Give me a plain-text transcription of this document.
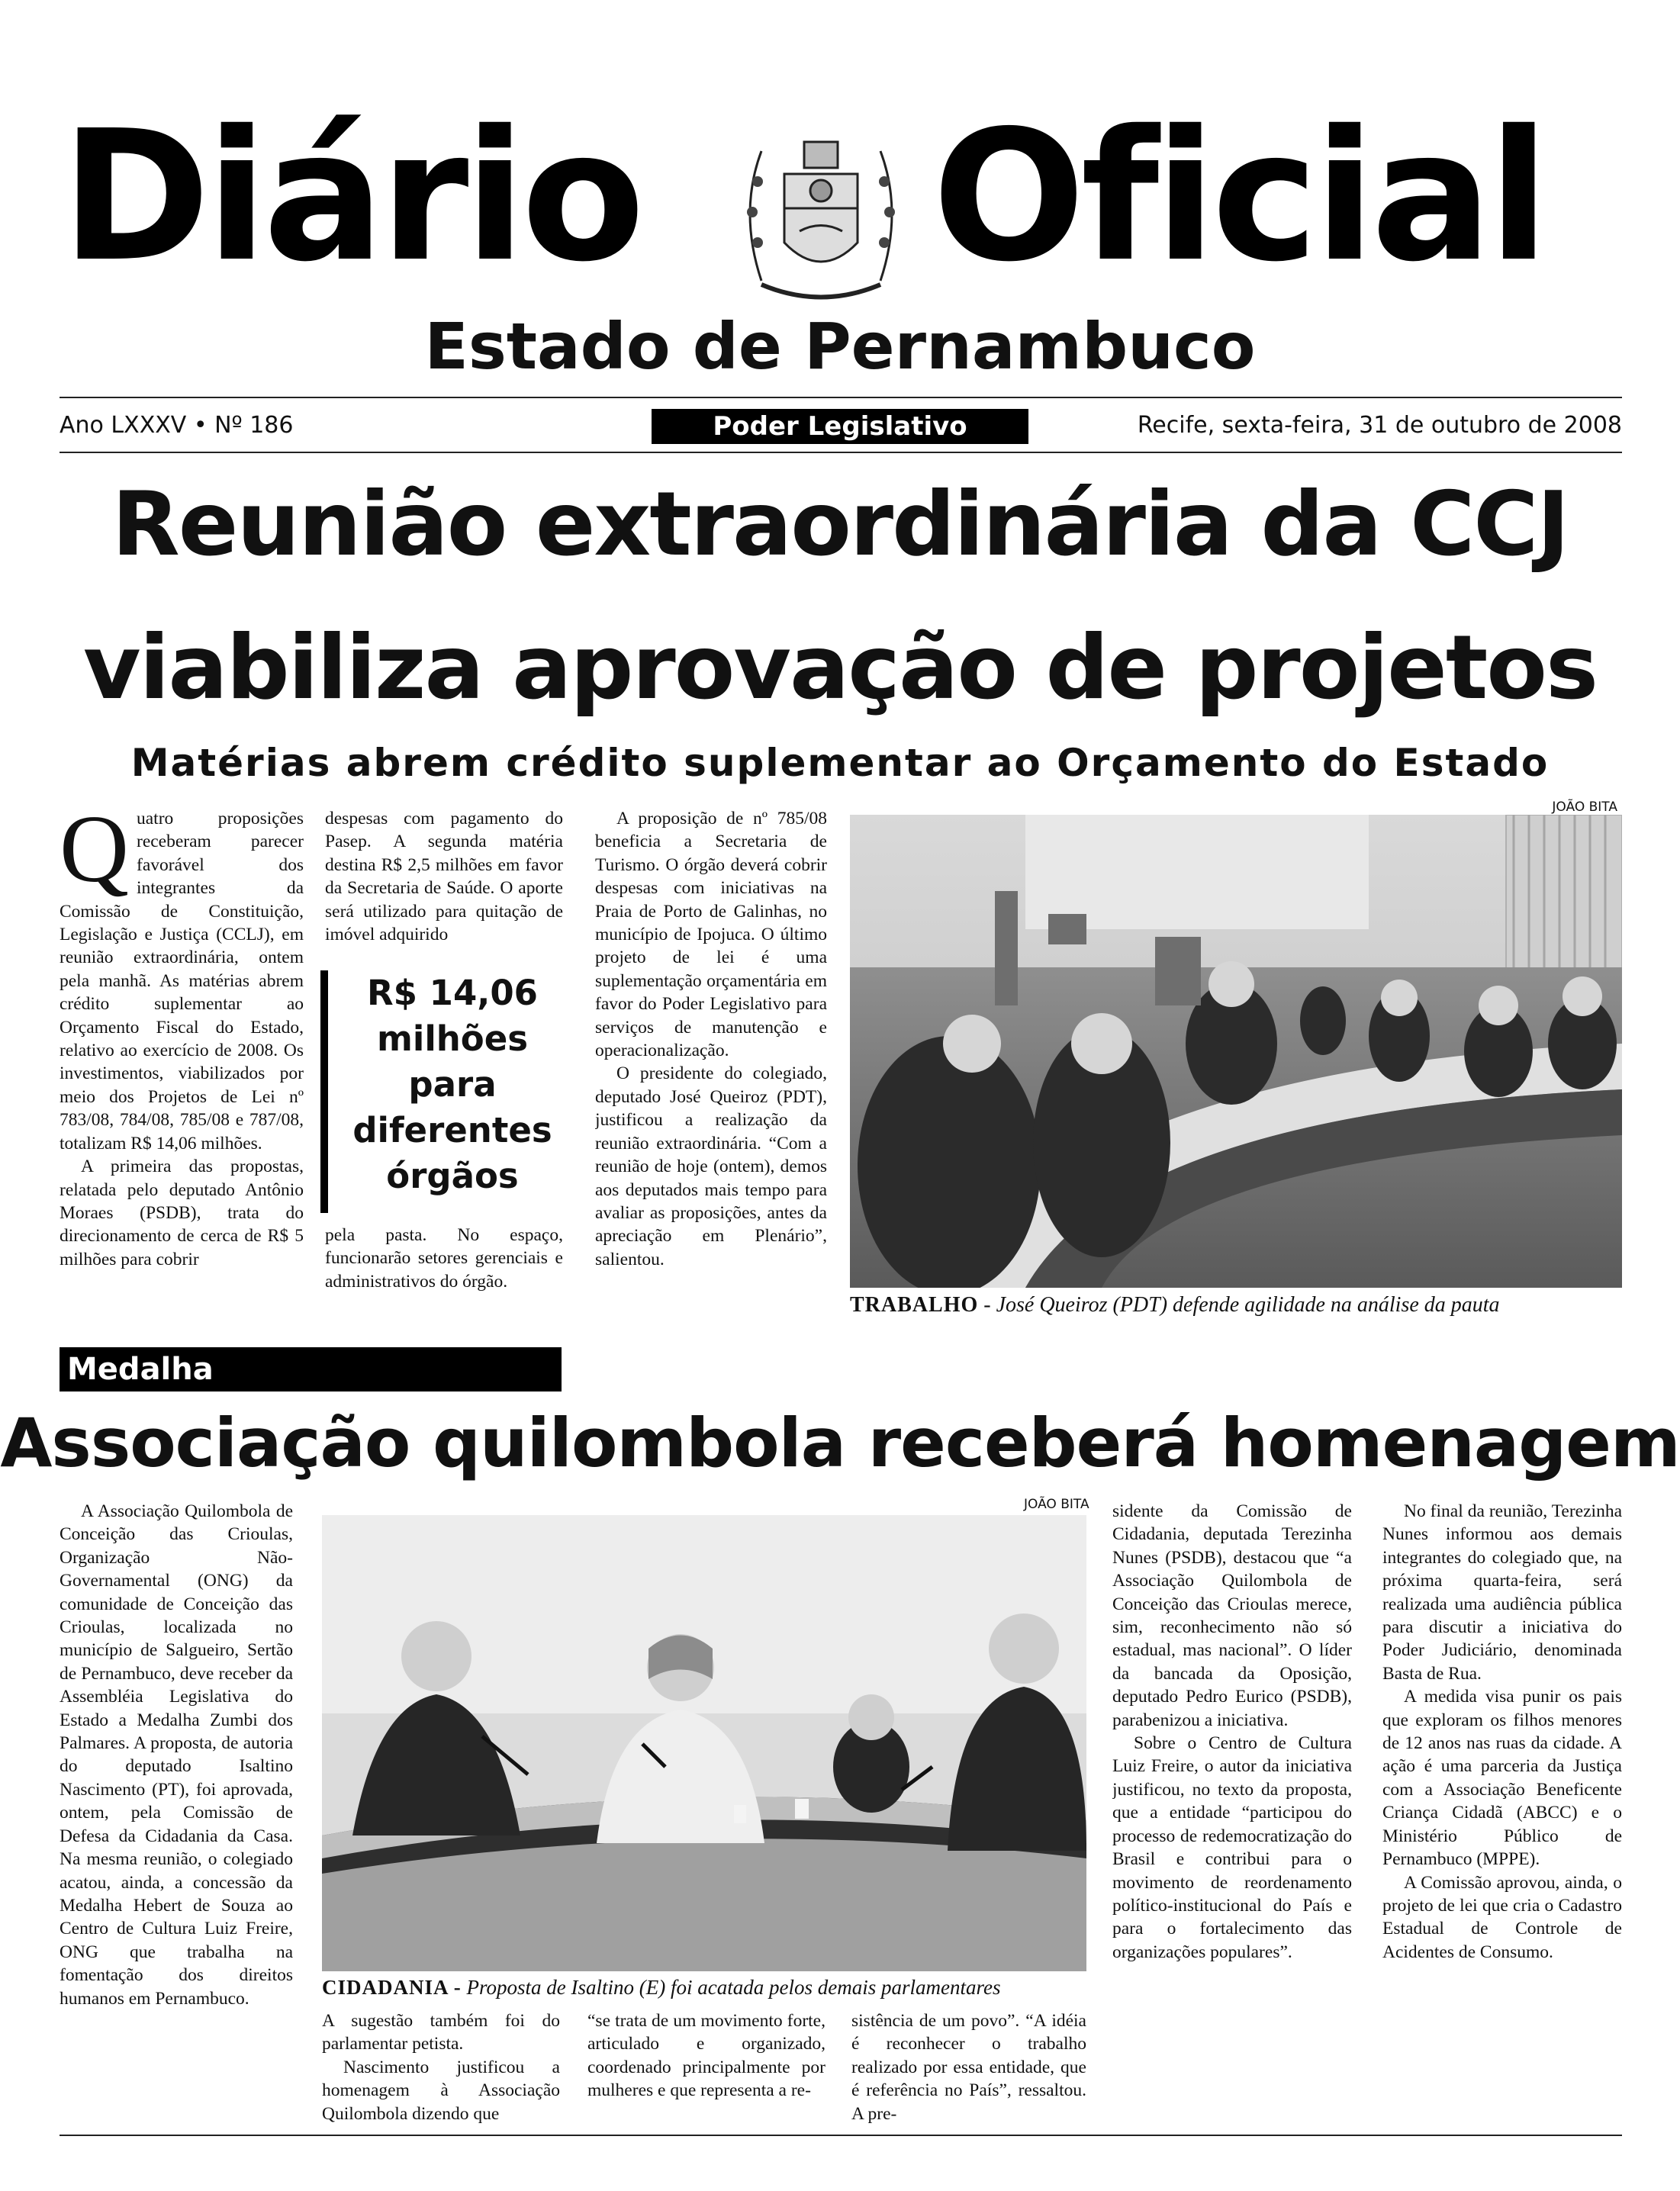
Diário Oficial
Estado de Pernambuco
Ano LXXXV • Nº 186	Poder Legislativo	Recife, sexta-feira, 31 de outubro de 2008
Reunião extraordinária da CCJ
viabiliza aprovação de projetos
Matérias abrem crédito suplementar ao Orçamento do Estado

Quatro proposições receberam parecer favorável dos integrantes da Comissão de Constituição, Legislação e Justiça (CCLJ), em reunião extraordinária, ontem pela manhã. As matérias abrem crédito suplementar ao Orçamento Fiscal do Estado, relativo ao exercício de 2008. Os investimentos, viabilizados por meio dos Projetos de Lei nº 783/08, 784/08, 785/08 e 787/08, totalizam R$ 14,06 milhões.

A primeira das propostas, relatada pelo deputado Antônio Moraes (PSDB), trata do direcionamento de cerca de R$ 5 milhões para cobrir

despesas com pagamento do Pasep. A segunda matéria destina R$ 2,5 milhões em favor da Secretaria de Saúde. O aporte será utilizado para quitação de imóvel adquirido

R$ 14,06 milhões para diferentes órgãos

pela pasta. No espaço, funcionarão setores gerenciais e administrativos do órgão.

A proposição de nº 785/08 beneficia a Secretaria de Turismo. O órgão deverá cobrir despesas com iniciativas na Praia de Porto de Galinhas, no município de Ipojuca. O último projeto de lei é uma suplementação orçamentária em favor do Poder Legislativo para serviços de manutenção e operacionalização.

O presidente do colegiado, deputado José Queiroz (PDT), justificou a realização da reunião extraordinária. “Com a reunião de hoje (ontem), demos aos deputados mais tempo para avaliar as proposições, antes da apreciação em Plenário”, salientou.

JOÃO BITA
TRABALHO - José Queiroz (PDT) defende agilidade na análise da pauta
Medalha
Associação quilombola receberá homenagem

A Associação Quilombola de Conceição das Crioulas, Organização Não-Governamental (ONG) da comunidade de Conceição das Crioulas, localizada no município de Salgueiro, Sertão de Pernambuco, deve receber da Assembléia Legislativa do Estado a Medalha Zumbi dos Palmares. A proposta, de autoria do deputado Isaltino Nascimento (PT), foi aprovada, ontem, pela Comissão de Defesa da Cidadania da Casa. Na mesma reunião, o colegiado acatou, ainda, a concessão da Medalha Hebert de Souza ao Centro de Cultura Luiz Freire, ONG que trabalha na fomentação dos direitos humanos em Pernambuco.

JOÃO BITA
CIDADANIA - Proposta de Isaltino (E) foi acatada pelos demais parlamentares

A sugestão também foi do parlamentar petista.

Nascimento justificou a homenagem à Associação Quilombola dizendo que

“se trata de um movimento forte, articulado e organizado, coordenado principalmente por mulheres e que representa a re-

sistência de um povo”. “A idéia é reconhecer o trabalho realizado por essa entidade, que é referência no País”, ressaltou. A pre-

sidente da Comissão de Cidadania, deputada Terezinha Nunes (PSDB), destacou que “a Associação Quilombola de Conceição das Crioulas merece, sim, reconhecimento não só estadual, mas nacional”. O líder da bancada da Oposição, deputado Pedro Eurico (PSDB), parabenizou a iniciativa.

Sobre o Centro de Cultura Luiz Freire, o autor da iniciativa justificou, no texto da proposta, que a entidade “participou do processo de redemocratização do Brasil e contribui para o movimento de reordenamento político-institucional do País e para o fortalecimento das organizações populares”.

No final da reunião, Terezinha Nunes informou aos demais integrantes do colegiado que, na próxima quarta-feira, será realizada uma audiência pública para discutir a iniciativa do Poder Judiciário, denominada Basta de Rua.

A medida visa punir os pais que exploram os filhos menores de 12 anos nas ruas da cidade. A ação é uma parceria da Justiça com a Associação Beneficente Criança Cidadã (ABCC) e o Ministério Público de Pernambuco (MPPE).

A Comissão aprovou, ainda, o projeto de lei que cria o Cadastro Estadual de Controle de Acidentes de Consumo.
